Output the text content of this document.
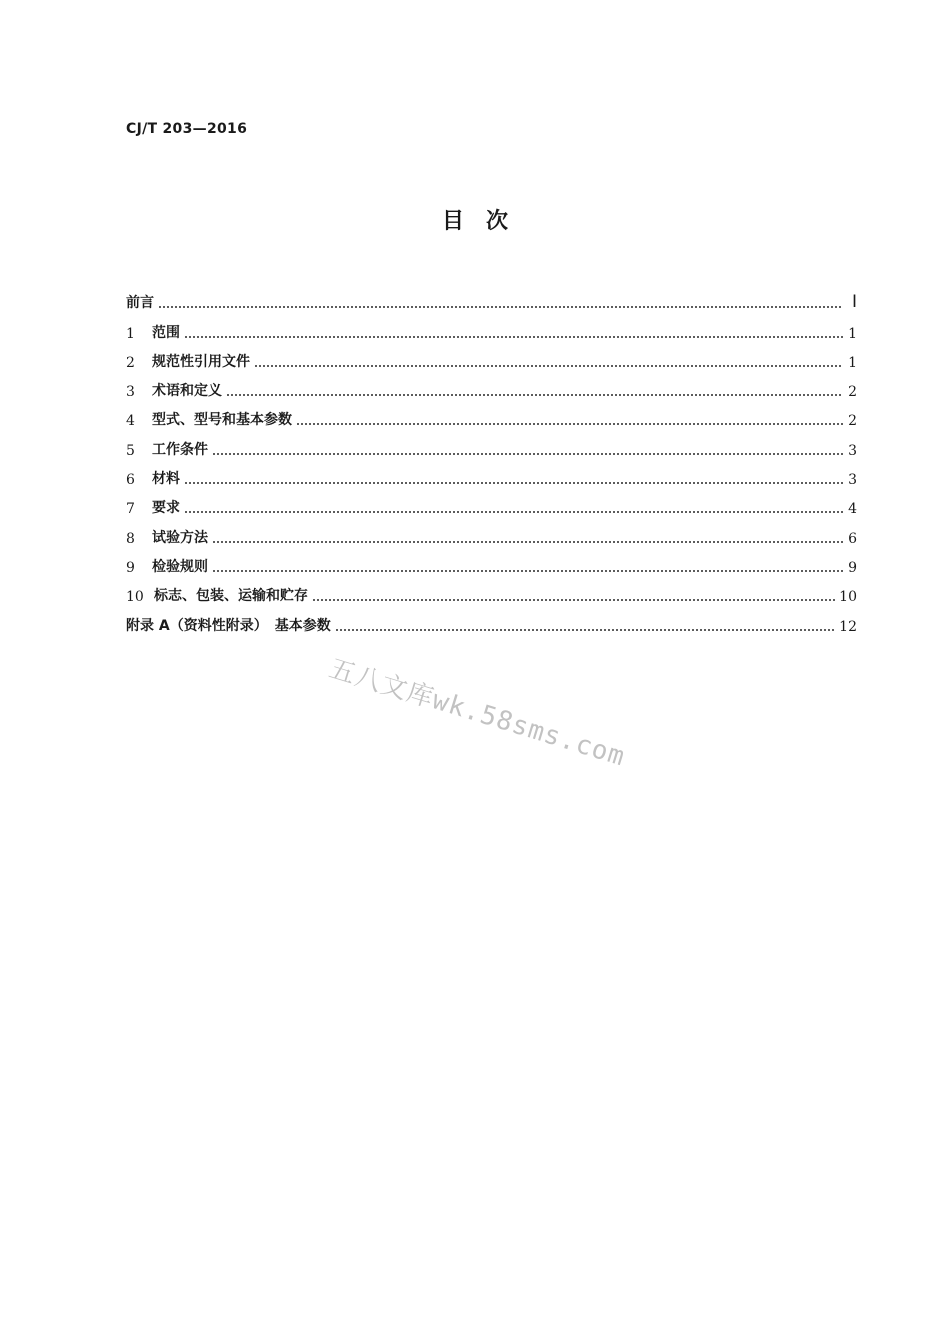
CJ/T 203—2016
目　次
前言	Ⅰ
1	范围	1
2	规范性引用文件	1
3	术语和定义	2
4	型式、型号和基本参数	2
5	工作条件	3
6	材料	3
7	要求	4
8	试验方法	6
9	检验规则	9
10 标志、包装、运输和贮存	10
附录 A（资料性附录）　基本参数	12
五八文库wk.58sms.com
